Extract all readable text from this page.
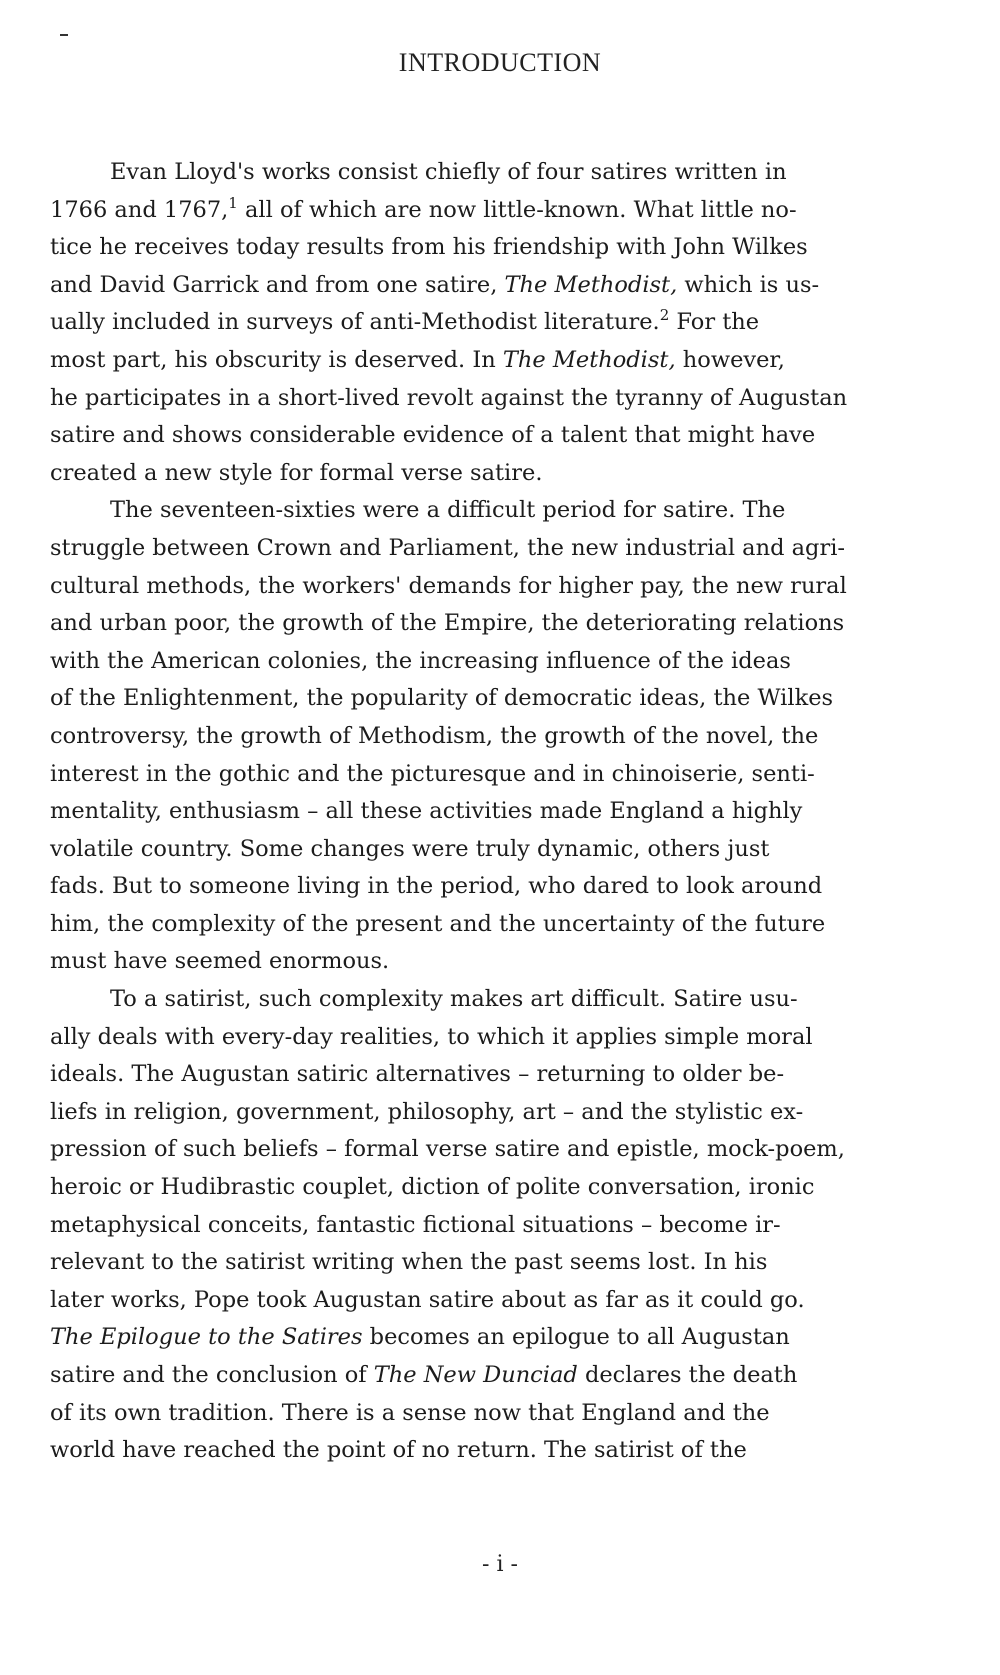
INTRODUCTION
Evan Lloyd's works consist chiefly of four satires written in
1766 and 1767,$^1$ all of which are now little-known. What little no-
tice he receives today results from his friendship with John Wilkes
and David Garrick and from one satire, The Methodist, which is us-
ually included in surveys of anti-Methodist literature.$^2$ For the
most part, his obscurity is deserved. In The Methodist, however,
he participates in a short-lived revolt against the tyranny of Augustan
satire and shows considerable evidence of a talent that might have
created a new style for formal verse satire.
The seventeen-sixties were a difficult period for satire. The
struggle between Crown and Parliament, the new industrial and agri-
cultural methods, the workers' demands for higher pay, the new rural
and urban poor, the growth of the Empire, the deteriorating relations
with the American colonies, the increasing influence of the ideas
of the Enlightenment, the popularity of democratic ideas, the Wilkes
controversy, the growth of Methodism, the growth of the novel, the
interest in the gothic and the picturesque and in chinoiserie, senti-
mentality, enthusiasm – all these activities made England a highly
volatile country. Some changes were truly dynamic, others just
fads. But to someone living in the period, who dared to look around
him, the complexity of the present and the uncertainty of the future
must have seemed enormous.
To a satirist, such complexity makes art difficult. Satire usu-
ally deals with every-day realities, to which it applies simple moral
ideals. The Augustan satiric alternatives – returning to older be-
liefs in religion, government, philosophy, art – and the stylistic ex-
pression of such beliefs – formal verse satire and epistle, mock-poem,
heroic or Hudibrastic couplet, diction of polite conversation, ironic
metaphysical conceits, fantastic fictional situations – become ir-
relevant to the satirist writing when the past seems lost. In his
later works, Pope took Augustan satire about as far as it could go.
The Epilogue to the Satires becomes an epilogue to all Augustan
satire and the conclusion of The New Dunciad declares the death
of its own tradition. There is a sense now that England and the
world have reached the point of no return. The satirist of the
- i -
